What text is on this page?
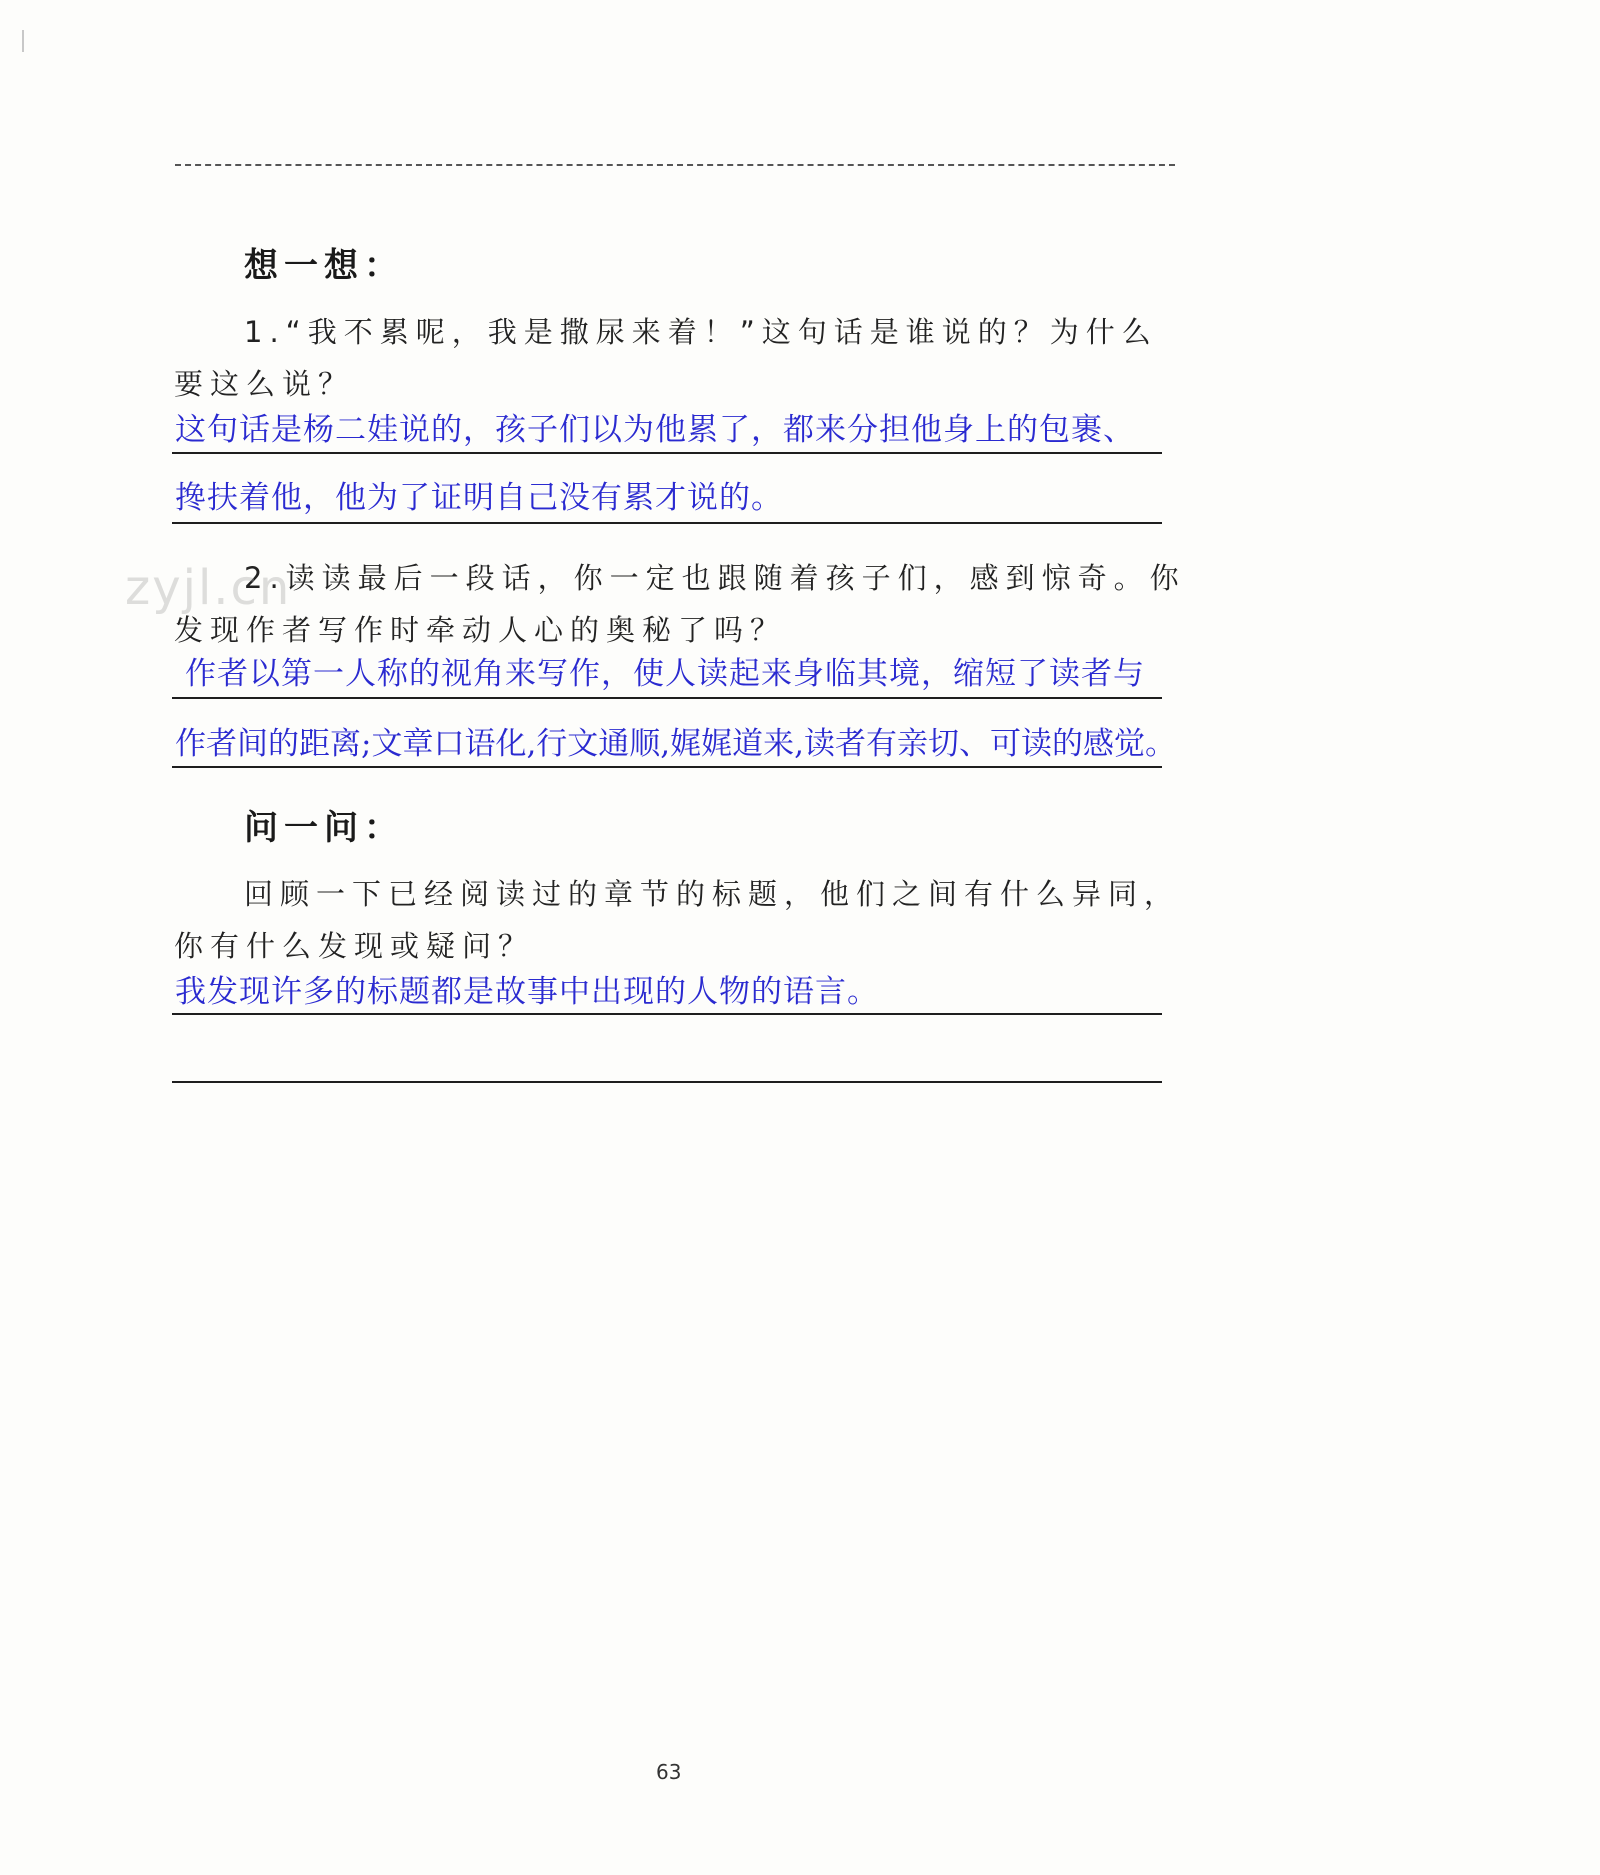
想一想：
1.“我不累呢，我是撒尿来着！”这句话是谁说的？为什么
要这么说？
这句话是杨二娃说的，孩子们以为他累了，都来分担他身上的包裹、
搀扶着他，他为了证明自己没有累才说的。
2.读读最后一段话，你一定也跟随着孩子们，感到惊奇。你
发现作者写作时牵动人心的奥秘了吗？
作者以第一人称的视角来写作，使人读起来身临其境，缩短了读者与
作者间的距离;文章口语化,行文通顺,娓娓道来,读者有亲切、可读的感觉。
问一问：
回顾一下已经阅读过的章节的标题，他们之间有什么异同，
你有什么发现或疑问？
我发现许多的标题都是故事中出现的人物的语言。
zyjl.cn
63
